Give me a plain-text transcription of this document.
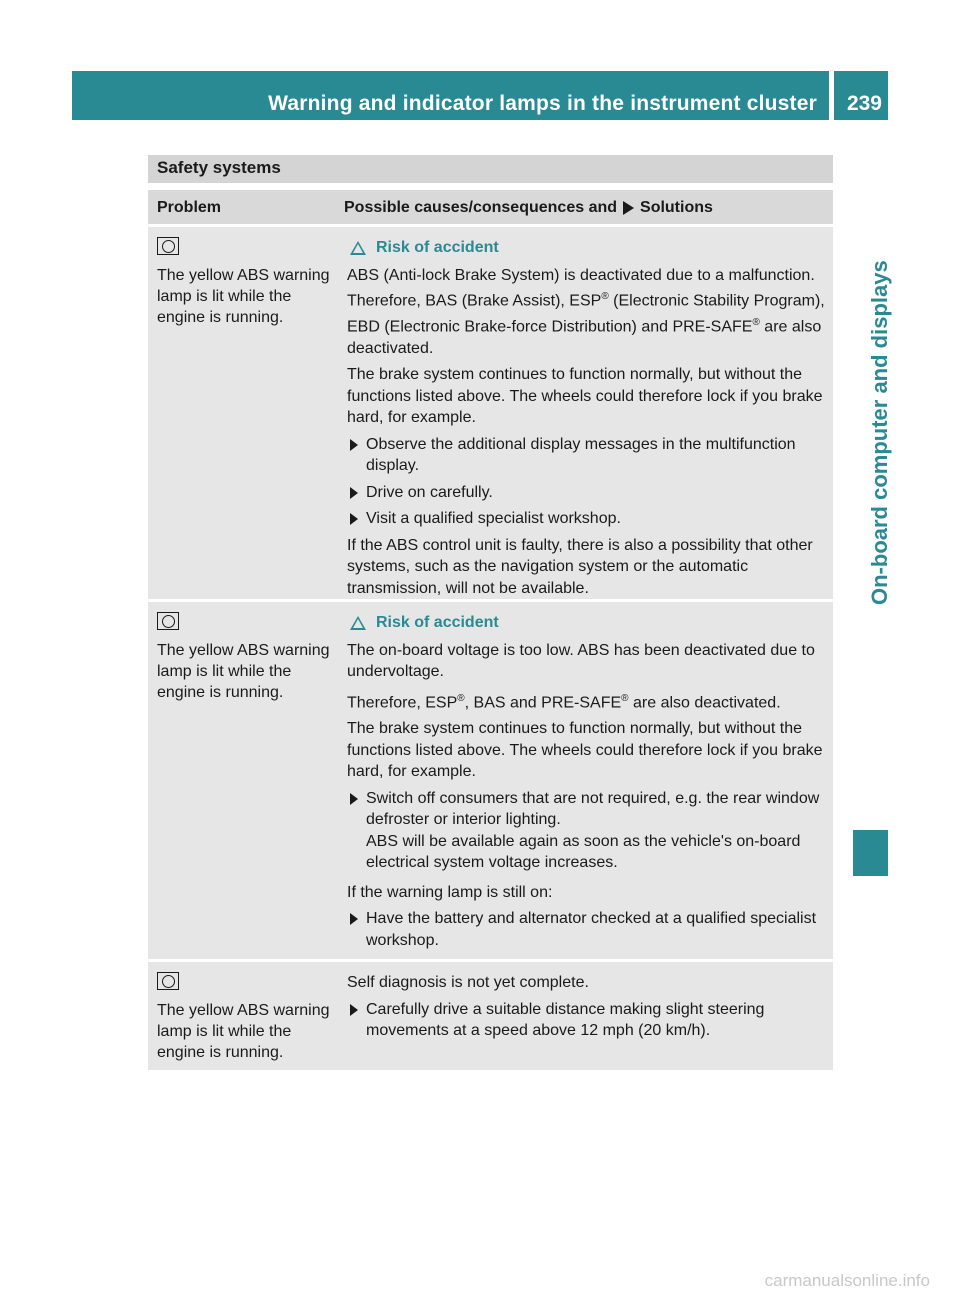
Warning and indicator lamps in the instrument cluster 239
On-board computer and displays
Safety systems
Problem	Possible causes/consequences and Solutions
The yellow ABS warning lamp is lit while the engine is running.
Risk of accident

ABS (Anti-lock Brake System) is deactivated due to a malfunction. Therefore, BAS (Brake Assist), ESP® (Electronic Stability Program), EBD (Electronic Brake-force Distribution) and PRE-SAFE® are also deactivated.

The brake system continues to function normally, but without the functions listed above. The wheels could therefore lock if you brake hard, for example.

Observe the additional display messages in the multifunction display.
Drive on carefully.
Visit a qualified specialist workshop.

If the ABS control unit is faulty, there is also a possibility that other systems, such as the navigation system or the automatic transmission, will not be available.

The yellow ABS warning lamp is lit while the engine is running.
Risk of accident

The on-board voltage is too low. ABS has been deactivated due to undervoltage.

Therefore, ESP®, BAS and PRE-SAFE® are also deactivated.

The brake system continues to function normally, but without the functions listed above. The wheels could therefore lock if you brake hard, for example.

Switch off consumers that are not required, e.g. the rear window defroster or interior lighting.
ABS will be available again as soon as the vehicle's on-board electrical system voltage increases.

If the warning lamp is still on:

Have the battery and alternator checked at a qualified specialist workshop.
The yellow ABS warning lamp is lit while the engine is running.

Self diagnosis is not yet complete.

Carefully drive a suitable distance making slight steering movements at a speed above 12 mph (20 km/h).
carmanualsonline.info
